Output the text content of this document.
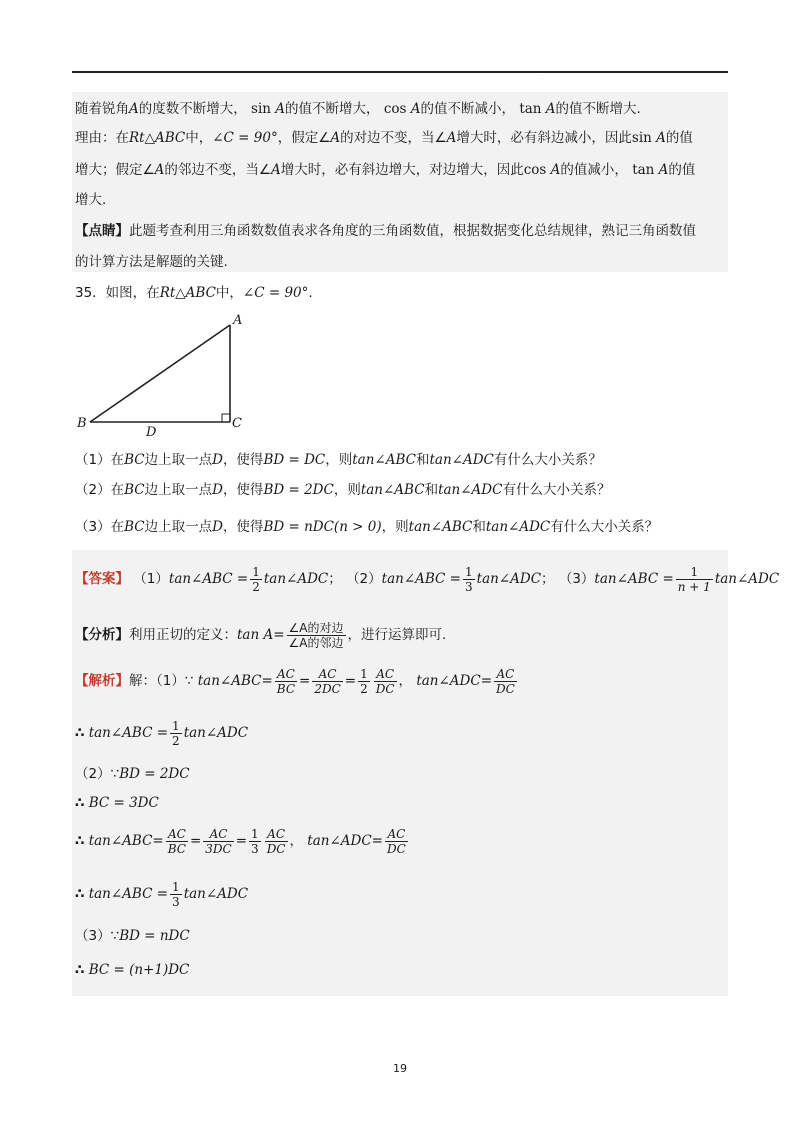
.
随着锐角A的度数不断增大， sin A的值不断增大， cos A的值不断减小， tan A的值不断增大.
理由：在Rt△ABC中，∠C = 90°，假定∠A的对边不变，当∠A增大时，必有斜边减小，因此sin A的值
增大；假定∠A的邻边不变，当∠A增大时，必有斜边增大，对边增大，因此cos A的值减小， tan A的值
增大.
【点睛】此题考查利用三角函数数值表求各角度的三角函数值，根据数据变化总结规律，熟记三角函数值
的计算方法是解题的关键.
35．如图，在Rt△ABC中，∠C = 90°.
A
B	C
D
（1）在BC边上取一点D，使得BD = DC，则tan∠ABC和tan∠ADC有什么大小关系？
（2）在BC边上取一点D，使得BD = 2DC，则tan∠ABC和tan∠ADC有什么大小关系？
（3）在BC边上取一点D，使得BD = nDC(n > 0)，则tan∠ABC和tan∠ADC有什么大小关系？
【答案】 （1）tan∠ABC = $\frac{1}{2}$ tan∠ADC； （2）tan∠ABC = $\frac{1}{3}$ tan∠ADC； （3）tan∠ABC = $\frac{1}{n + 1}$ tan∠ADC
【分析】利用正切的定义：$\tan A= \frac{\text{∠A的对边}}{\text{∠A的邻边}}$ ，进行运算即可.
【解析】解：（1）∵ tan∠ABC= $\frac{AC}{BC} = \frac{AC}{2DC} = \frac{1}{2} \frac{AC}{DC}$ ， tan∠ADC= $\frac{AC}{DC}$
∴ tan∠ABC = $\frac{1}{2}$ tan∠ADC
（2）∵BD = 2DC
∴ BC = 3DC
∴ tan∠ABC= $\frac{AC}{BC} = \frac{AC}{3DC} = \frac{1}{3} \frac{AC}{DC}$ ， tan∠ADC= $\frac{AC}{DC}$
∴ tan∠ABC = $\frac{1}{3}$ tan∠ADC
（3）∵BD = nDC
∴ BC = (n+1)DC
19
